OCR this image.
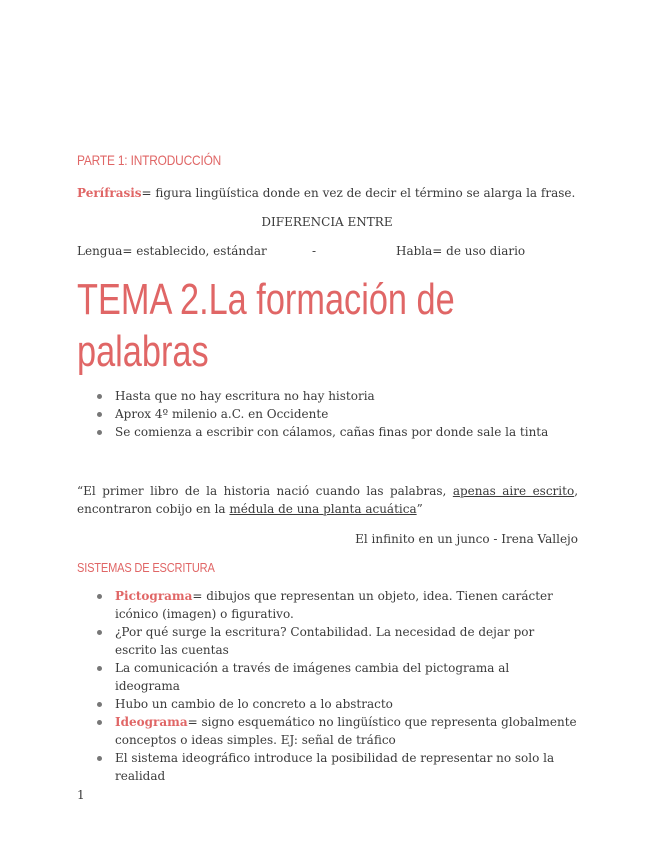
PARTE 1: INTRODUCCIÓN
Perífrasis= figura lingüística donde en vez de decir el término se alarga la frase.
DIFERENCIA ENTRE
Lengua= establecido, estándar	-	Habla= de uso diario
TEMA 2.La formación de
palabras
Hasta que no hay escritura no hay historia
Aprox 4º milenio a.C. en Occidente
Se comienza a escribir con cálamos, cañas finas por donde sale la tinta
“El primer libro de la historia nació cuando las palabras, apenas aire escrito, encontraron cobijo en la médula de una planta acuática”
El infinito en un junco - Irena Vallejo
SISTEMAS DE ESCRITURA
Pictograma= dibujos que representan un objeto, idea. Tienen carácter icónico (imagen) o figurativo.
¿Por qué surge la escritura? Contabilidad. La necesidad de dejar por escrito las cuentas
La comunicación a través de imágenes cambia del pictograma al ideograma
Hubo un cambio de lo concreto a lo abstracto
Ideograma= signo esquemático no lingüístico que representa globalmente conceptos o ideas simples. EJ: señal de tráfico
El sistema ideográfico introduce la posibilidad de representar no solo la realidad
1
